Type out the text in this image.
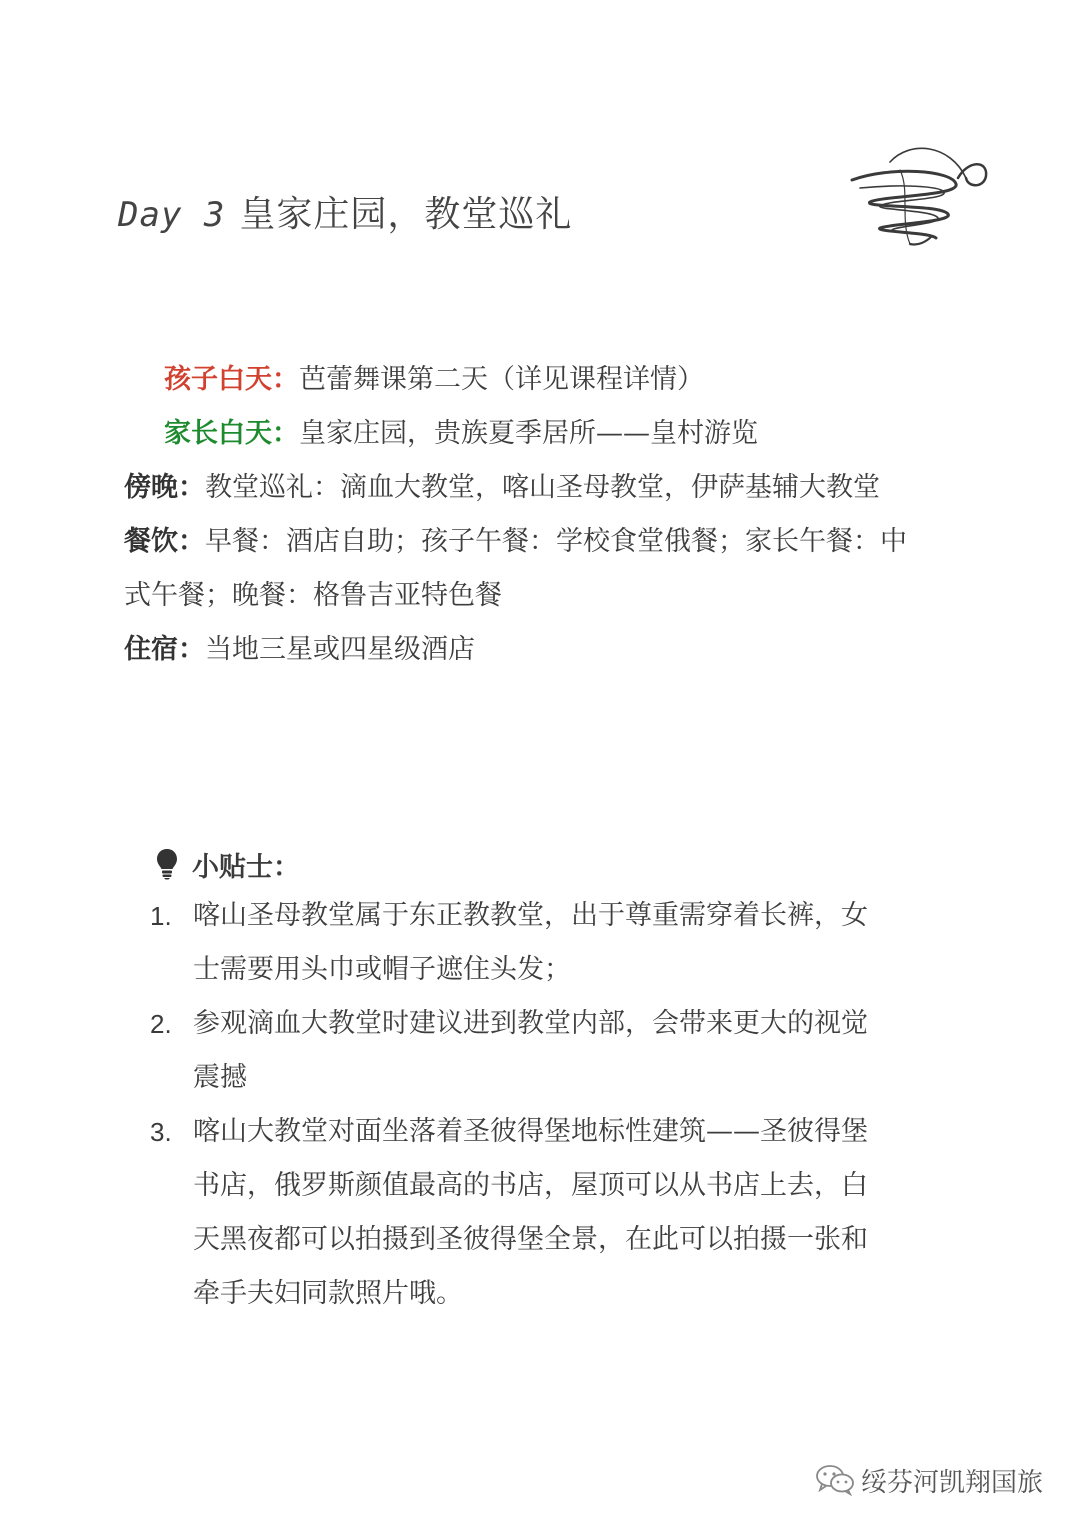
Day 3 皇家庄园，教堂巡礼
孩子白天：芭蕾舞课第二天（详见课程详情）
家长白天：皇家庄园，贵族夏季居所——皇村游览
傍晚：教堂巡礼：滴血大教堂，喀山圣母教堂，伊萨基辅大教堂
餐饮：早餐：酒店自助；孩子午餐：学校食堂俄餐；家长午餐：中
式午餐；晚餐：格鲁吉亚特色餐
住宿：当地三星或四星级酒店
小贴士：
1. 喀山圣母教堂属于东正教教堂，出于尊重需穿着长裤，女
士需要用头巾或帽子遮住头发；
2. 参观滴血大教堂时建议进到教堂内部，会带来更大的视觉
震撼
3. 喀山大教堂对面坐落着圣彼得堡地标性建筑——圣彼得堡
书店，俄罗斯颜值最高的书店，屋顶可以从书店上去，白
天黑夜都可以拍摄到圣彼得堡全景，在此可以拍摄一张和
牵手夫妇同款照片哦。
绥芬河凯翔国旅
